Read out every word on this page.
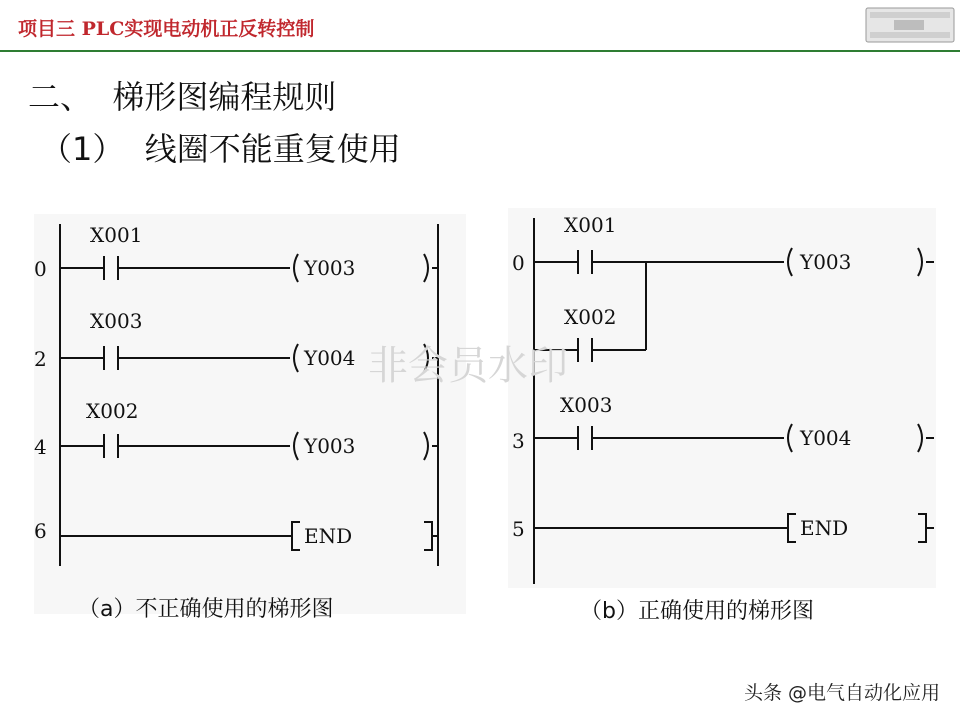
项目三 PLC实现电动机正反转控制
二、  梯形图编程规则
（1）  线圈不能重复使用
0
X001
Y003
2
X003
Y004
4
X002
Y003
6	END
0
X001
X002
Y003
3
X003
Y004
5	END
（a）不正确使用的梯形图	（b）正确使用的梯形图
非会员水印
头条 @电气自动化应用
